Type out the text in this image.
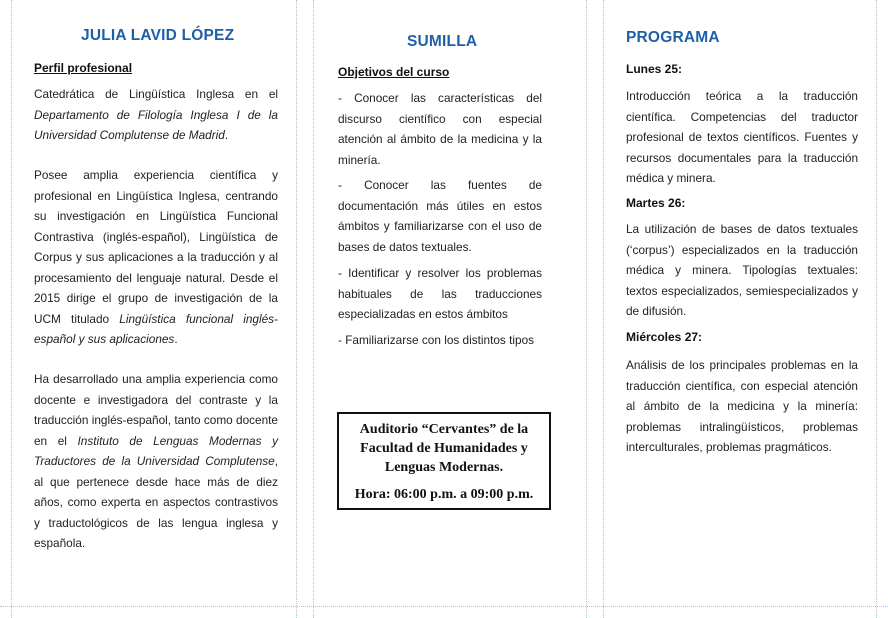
JULIA LAVID LÓPEZ
Perfil profesional

Catedrática de Lingüística Inglesa en el Departamento de Filología Inglesa I de la Universidad Complutense de Madrid.

Posee amplia experiencia científica y profesional en Lingüística Inglesa, centrando su investigación en Lingüística Funcional Contrastiva (inglés-español), Lingüística de Corpus y sus aplicaciones a la traducción y al procesamiento del lenguaje natural. Desde el 2015 dirige el grupo de investigación de la UCM titulado Lingüística funcional inglés-español y sus aplicaciones.

Ha desarrollado una amplia experiencia como docente e investigadora del contraste y la traducción inglés-español, tanto como docente en el Instituto de Lenguas Modernas y Traductores de la Universidad Complutense, al que pertenece desde hace más de diez años, como experta en aspectos contrastivos y traductológicos de las lengua inglesa y española.

SUMILLA
Objetivos del curso

- Conocer las características del discurso científico con especial atención al ámbito de la medicina y la minería.

- Conocer las fuentes de documentación más útiles en estos ámbitos y familiarizarse con el uso de bases de datos textuales.

- Identificar y resolver los problemas habituales de las traducciones especializadas en estos ámbitos

- Familiarizarse con los distintos tipos

Auditorio “Cervantes” de la Facultad de Humanidades y Lenguas Modernas.
Hora: 06:00 p.m. a 09:00 p.m.
PROGRAMA
Lunes 25:

Introducción teórica a la traducción científica. Competencias del traductor profesional de textos científicos. Fuentes y recursos documentales para la traducción médica y minera.

Martes 26:

La utilización de bases de datos textuales (‘corpus’) especializados en la traducción médica y minera. Tipologías textuales: textos especializados, semiespecializados y de difusión.

Miércoles 27:

Análisis de los principales problemas en la traducción científica, con especial atención al ámbito de la medicina y la minería: problemas intralingüísticos, problemas interculturales, problemas pragmáticos.
